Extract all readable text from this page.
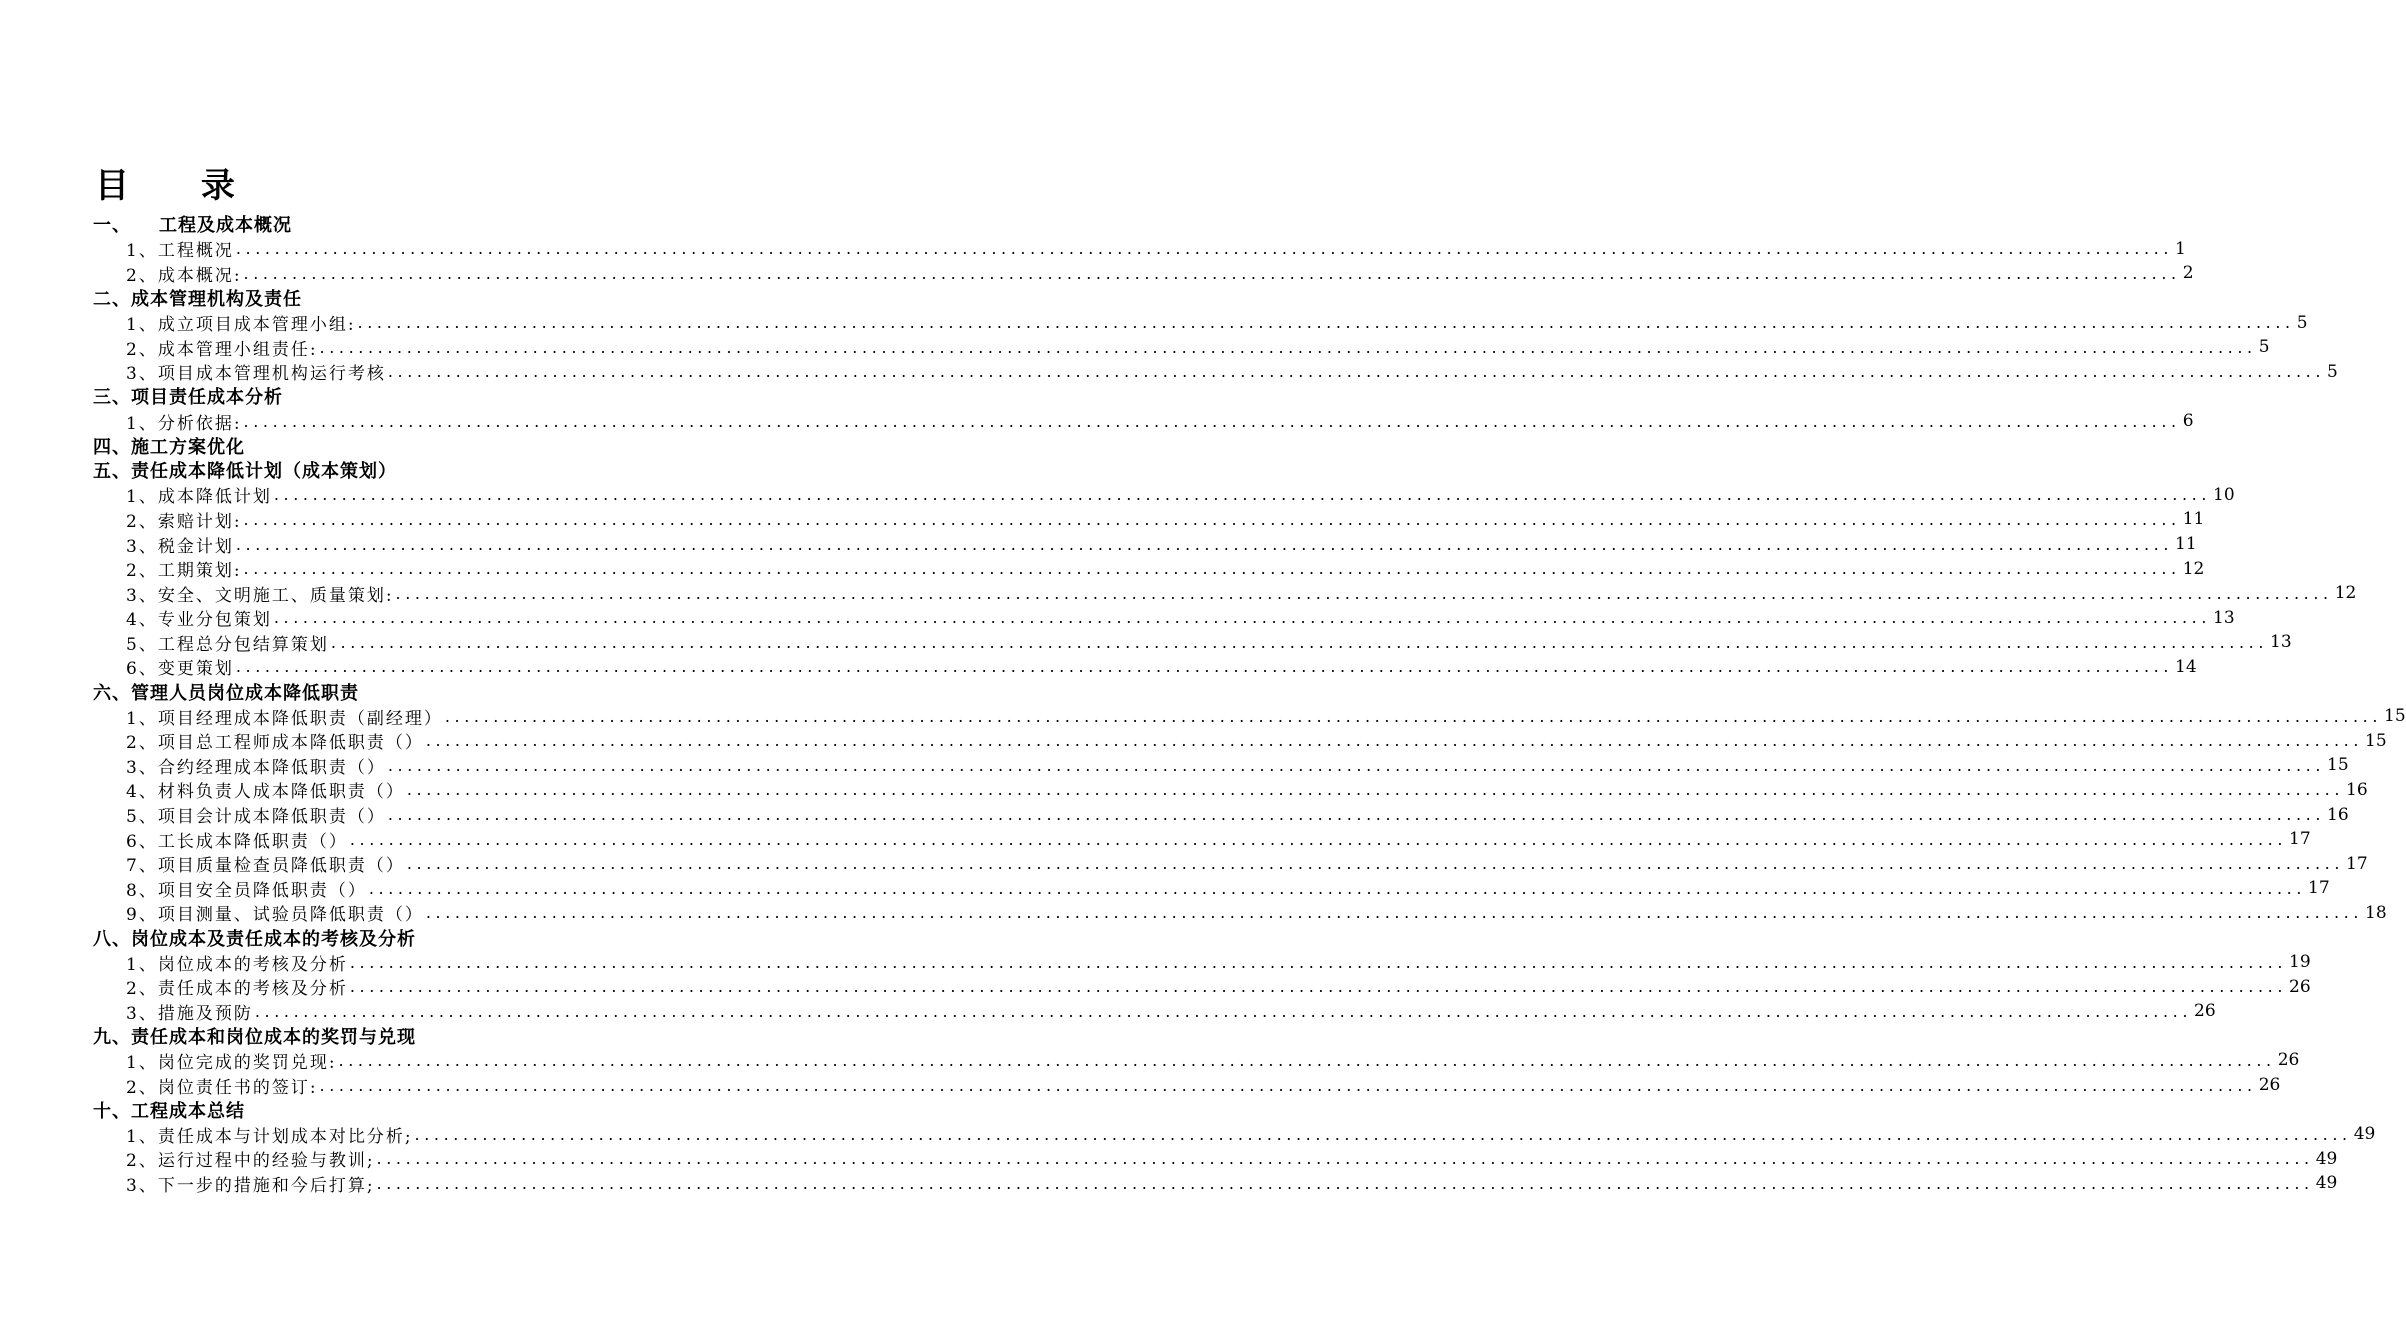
目 录
一、	工程及成本概况
1、工程概况 ........................................................................................................................................................................................................ 1
2、成本概况: ........................................................................................................................................................................................................ 2
二、 成本管理机构及责任
1、成立项目成本管理小组: ........................................................................................................................................................................................................ 5
2、成本管理小组责任: ........................................................................................................................................................................................................ 5
3、项目成本管理机构运行考核 ........................................................................................................................................................................................................ 5
三、 项目责任成本分析
1、分析依据: ........................................................................................................................................................................................................ 6
四、 施工方案优化
五、 责任成本降低计划（成本策划）
1、成本降低计划 ........................................................................................................................................................................................................ 10
2、索赔计划: ........................................................................................................................................................................................................ 11
3、税金计划 ........................................................................................................................................................................................................ 11
2、工期策划: ........................................................................................................................................................................................................ 12
3、安全、文明施工、质量策划: ........................................................................................................................................................................................................ 12
4、专业分包策划 ........................................................................................................................................................................................................ 13
5、工程总分包结算策划 ........................................................................................................................................................................................................ 13
6、变更策划 ........................................................................................................................................................................................................ 14
六、 管理人员岗位成本降低职责
1、项目经理成本降低职责（副经理 ） ........................................................................................................................................................................................................ 15
2、项目总工程师成本降低职责（ ） ........................................................................................................................................................................................................ 15
3、合约经理成本降低职责（ ） ........................................................................................................................................................................................................ 15
4、材料负责人成本降低职责（ ） ........................................................................................................................................................................................................ 16
5、项目会计成本降低职责（ ） ........................................................................................................................................................................................................ 16
6、工长成本降低职责（ ） ........................................................................................................................................................................................................ 17
7、项目质量检查员降低职责（ ） ........................................................................................................................................................................................................ 17
8、项目安全员降低职责（ ） ........................................................................................................................................................................................................ 17
9、项目测量、试验员降低职责（ ） ........................................................................................................................................................................................................ 18
八、 岗位成本及责任成本的考核及分析
1、岗位成本的考核及分析 ........................................................................................................................................................................................................ 19
2、责任成本的考核及分析 ........................................................................................................................................................................................................ 26
3、措施及预防 ........................................................................................................................................................................................................ 26
九、 责任成本和岗位成本的奖罚与兑现
1、岗位完成的奖罚兑现: ........................................................................................................................................................................................................ 26
2、岗位责任书的签订: ........................................................................................................................................................................................................ 26
十、 工程成本总结
1、责任成本与计划成本对比分析; ........................................................................................................................................................................................................ 49
2、运行过程中的经验与教训; ........................................................................................................................................................................................................ 49
3、下一步的措施和今后打算; ........................................................................................................................................................................................................ 49
